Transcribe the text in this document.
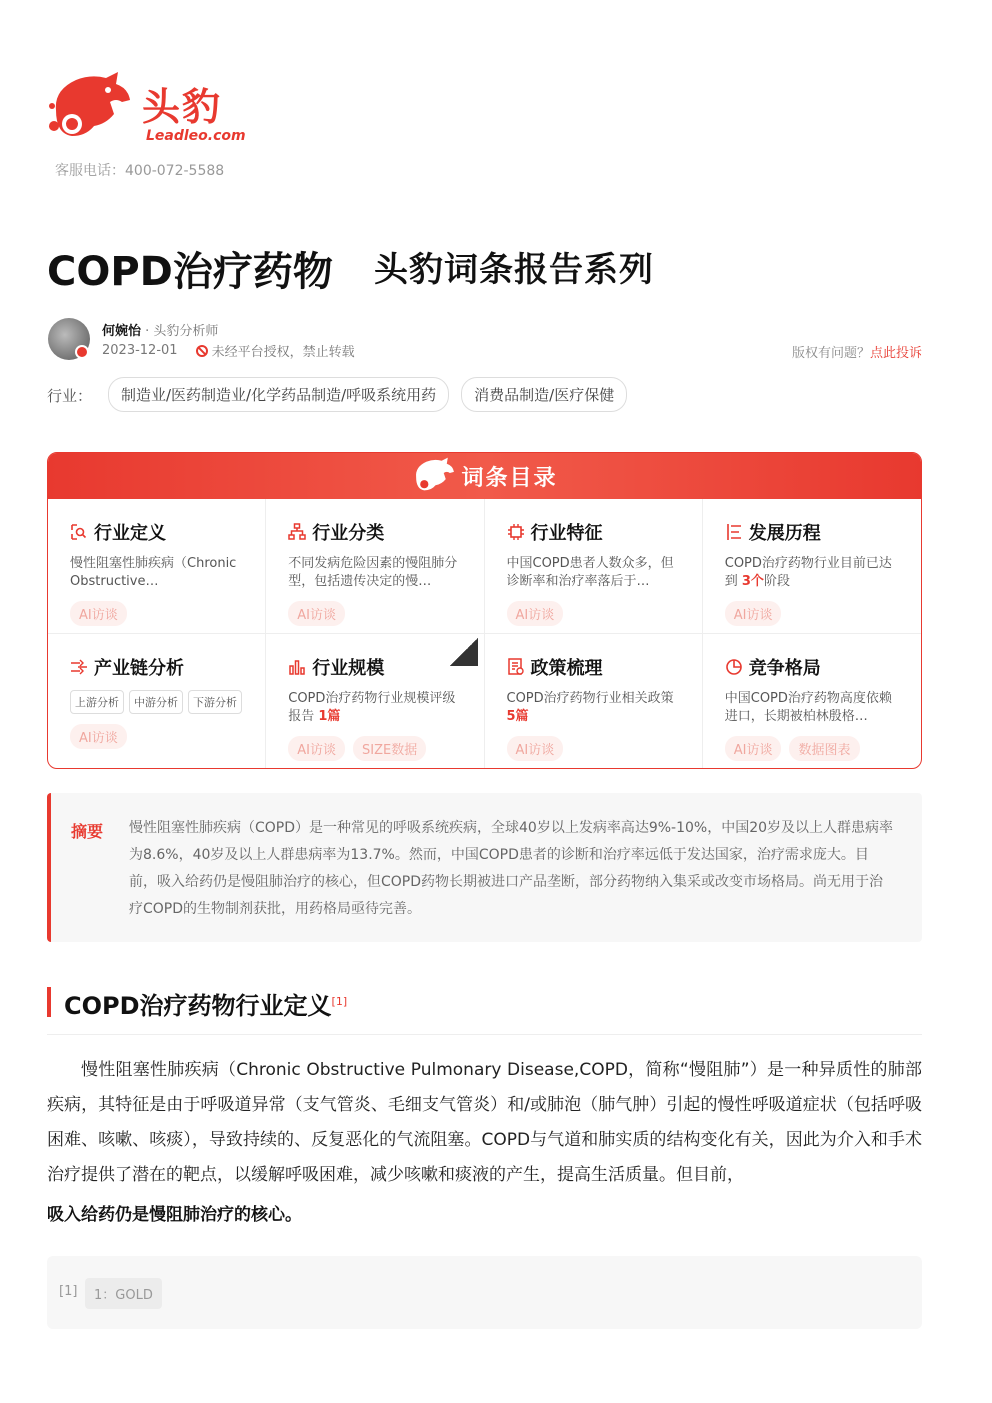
头豹
Leadleo.com
客服电话：400-072-5588
COPD治疗药物 头豹词条报告系列
何婉怡 · 头豹分析师
2023-12-01	未经平台授权，禁止转载	版权有问题？点此投诉
行业：	制造业/医药制造业/化学药品制造/呼吸系统用药	消费品制造/医疗保健
词条目录
行业定义
慢性阻塞性肺疾病（Chronic Obstructive…
AI访谈
行业分类
不同发病危险因素的慢阻肺分型，包括遗传决定的慢…
AI访谈
行业特征
中国COPD患者人数众多，但诊断率和治疗率落后于…
AI访谈
发展历程
COPD治疗药物行业目前已达到 3个阶段
AI访谈
产业链分析
上游分析	中游分析	下游分析
AI访谈
行业规模
COPD治疗药物行业规模评级报告 1篇
AI访谈	SIZE数据
政策梳理
COPD治疗药物行业相关政策 5篇
AI访谈
竞争格局
中国COPD治疗药物高度依赖进口，长期被柏林殷格…
AI访谈	数据图表
摘要 慢性阻塞性肺疾病（COPD）是一种常见的呼吸系统疾病，全球40岁以上发病率高达9%-10%，中国20岁及以上人群患病率为8.6%，40岁及以上人群患病率为13.7%。然而，中国COPD患者的诊断和治疗率远低于发达国家，治疗需求庞大。目前，吸入给药仍是慢阻肺治疗的核心，但COPD药物长期被进口产品垄断，部分药物纳入集采或改变市场格局。尚无用于治疗COPD的生物制剂获批，用药格局亟待完善。
COPD治疗药物行业定义[1]
慢性阻塞性肺疾病（Chronic Obstructive Pulmonary Disease,COPD，简称“慢阻肺”）是一种异质性的肺部疾病，其特征是由于呼吸道异常（支气管炎、毛细支气管炎）和/或肺泡（肺气肿）引起的慢性呼吸道症状（包括呼吸困难、咳嗽、咳痰），导致持续的、反复恶化的气流阻塞。COPD与气道和肺实质的结构变化有关，因此为介入和手术治疗提供了潜在的靶点，以缓解呼吸困难，减少咳嗽和痰液的产生，提高生活质量。但目前，
吸入给药仍是慢阻肺治疗的核心。
[1]	1：GOLD
